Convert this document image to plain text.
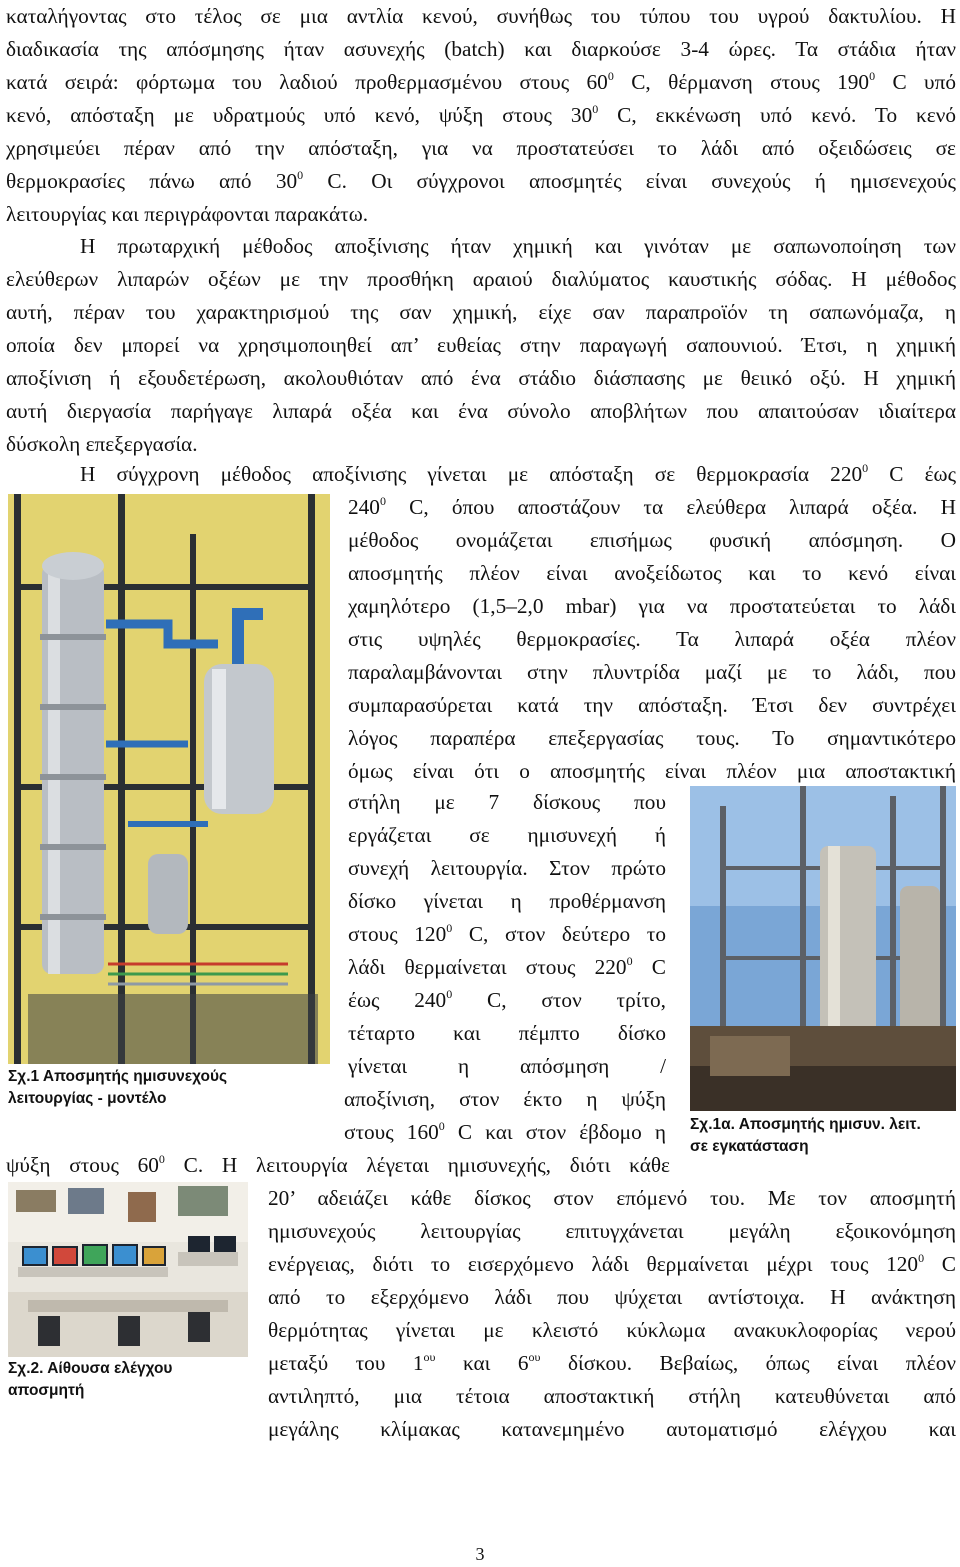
καταλήγοντας στο τέλος σε μια αντλία κενού, συνήθως του τύπου του υγρού δακτυλίου. Η
διαδικασία της απόσμησης ήταν ασυνεχής (batch) και διαρκούσε 3-4 ώρες. Τα στάδια ήταν
κατά σειρά: φόρτωμα του λαδιού προθερμασμένου στους $60^0$ C, θέρμανση στους $190^0$ C υπό
κενό, απόσταξη με υδρατμούς υπό κενό, ψύξη στους $30^0$ C, εκκένωση υπό κενό. Το κενό
χρησιμεύει πέραν από την απόσταξη, για να προστατεύσει το λάδι από οξειδώσεις σε
θερμοκρασίες πάνω από $30^0$ C. Οι σύγχρονοι αποσμητές είναι συνεχούς ή ημισενεχούς
λειτουργίας και περιγράφονται παρακάτω.
Η πρωταρχική μέθοδος αποξίνισης ήταν χημική και γινόταν με σαπωνοποίηση των
ελεύθερων λιπαρών οξέων με την προσθήκη αραιού διαλύματος καυστικής σόδας. Η μέθοδος
αυτή, πέραν του χαρακτηρισμού της σαν χημική, είχε σαν παραπροϊόν τη σαπωνόμαζα, η
οποία δεν μπορεί να χρησιμοποιηθεί απ’ ευθείας στην παραγωγή σαπουνιού. Έτσι, η χημική
αποξίνιση ή εξουδετέρωση, ακολουθιόταν από ένα στάδιο διάσπασης με θειικό οξύ. Η χημική
αυτή διεργασία παρήγαγε λιπαρά οξέα και ένα σύνολο αποβλήτων που απαιτούσαν ιδιαίτερα
δύσκολη επεξεργασία.
Η σύγχρονη μέθοδος αποξίνισης γίνεται με απόσταξη σε θερμοκρασία $220^0$ C έως
$240^0$ C, όπου αποστάζουν τα ελεύθερα λιπαρά οξέα. Η
μέθοδος ονομάζεται επισήμως φυσική απόσμηση. Ο
αποσμητής πλέον είναι ανοξείδωτος και το κενό είναι
χαμηλότερο (1,5–2,0 mbar) για να προστατεύεται το λάδι
στις υψηλές θερμοκρασίες. Τα λιπαρά οξέα πλέον
παραλαμβάνονται στην πλυντρίδα μαζί με το λάδι, που
συμπαρασύρεται κατά την απόσταξη. Έτσι δεν συντρέχει
λόγος παραπέρα επεξεργασίας τους. Το σημαντικότερο
όμως είναι ότι ο αποσμητής είναι πλέον μια αποστακτική
στήλη με 7 δίσκους που
εργάζεται σε ημισυνεχή ή
συνεχή λειτουργία. Στον πρώτο
δίσκο γίνεται η προθέρμανση
στους $120^0$ C, στον δεύτερο το
λάδι θερμαίνεται στους $220^0$ C
έως $240^0$ C, στον τρίτο,
τέταρτο και πέμπτο δίσκο
γίνεται η απόσμηση /
αποξίνιση, στον έκτο η ψύξη
στους $160^0$ C και στον έβδομο η
ψύξη στους $60^0$ C. Η λειτουργία λέγεται ημισυνεχής, διότι κάθε
20’ αδειάζει κάθε δίσκος στον επόμενό του. Με τον αποσμητή
ημισυνεχούς λειτουργίας επιτυγχάνεται μεγάλη εξοικονόμηση
ενέργειας, διότι το εισερχόμενο λάδι θερμαίνεται μέχρι τους $120^0$ C
από το εξερχόμενο λάδι που ψύχεται αντίστοιχα. Η ανάκτηση
θερμότητας γίνεται με κλειστό κύκλωμα ανακυκλοφορίας νερού
μεταξύ του $1^{o\upsilon}$ και $6^{o\upsilon}$ δίσκου. Βεβαίως, όπως είναι πλέον
αντιληπτό, μια τέτοια αποστακτική στήλη κατευθύνεται από
μεγάλης κλίμακας κατανεμημένο αυτοματισμό ελέγχου και
Σχ.1 Αποσμητής ημισυνεχούς
λειτουργίας - μοντέλο
Σχ.1α. Αποσμητής ημισυν. λειτ.
σε εγκατάσταση
Σχ.2. Αίθουσα ελέγχου
αποσμητή
3
